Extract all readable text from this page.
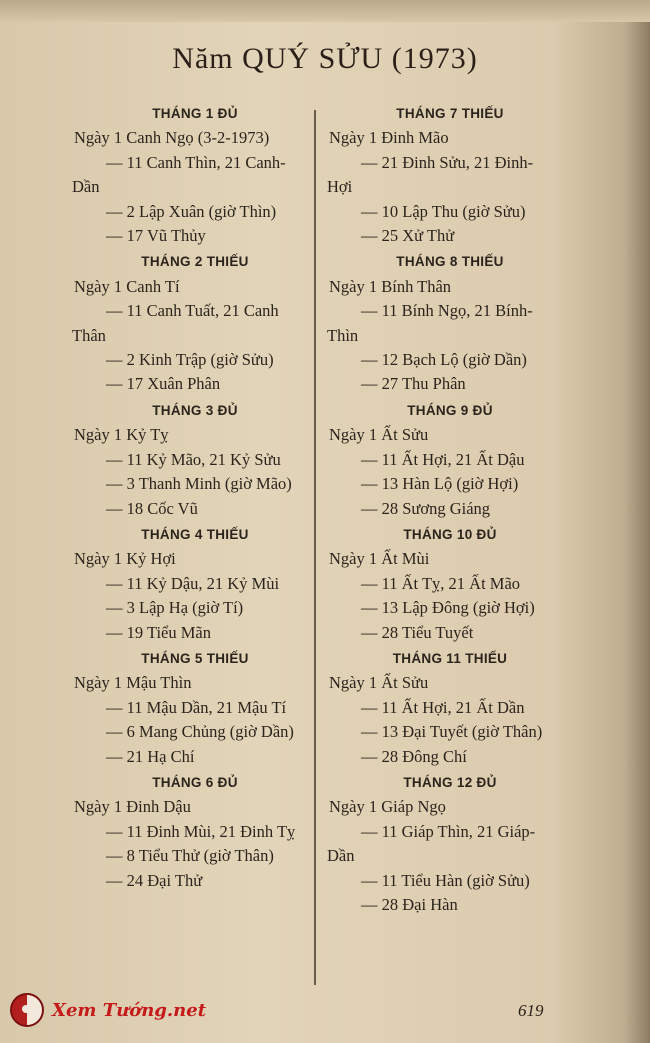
Năm QUÝ SỬU (1973)
THÁNG 1 ĐỦ
Ngày 1 Canh Ngọ (3-2-1973)
— 11 Canh Thìn, 21 Canh-
Dần
— 2 Lập Xuân (giờ Thìn)
— 17 Vũ Thủy
THÁNG 2 THIẾU
Ngày 1 Canh Tí
— 11 Canh Tuất, 21 Canh
Thân
— 2 Kinh Trập (giờ Sửu)
— 17 Xuân Phân
THÁNG 3 ĐỦ
Ngày 1 Kỷ Tỵ
— 11 Kỷ Mão, 21 Kỷ Sửu
— 3 Thanh Minh (giờ Mão)
— 18 Cốc Vũ
THÁNG 4 THIẾU
Ngày 1 Kỷ Hợi
— 11 Kỷ Dậu, 21 Kỷ Mùi
— 3 Lập Hạ (giờ Tí)
— 19 Tiểu Mãn
THÁNG 5 THIẾU
Ngày 1 Mậu Thìn
— 11 Mậu Dần, 21 Mậu Tí
— 6 Mang Chủng (giờ Dần)
— 21 Hạ Chí
THÁNG 6 ĐỦ
Ngày 1 Đinh Dậu
— 11 Đinh Mùi, 21 Đinh Tỵ
— 8 Tiểu Thử (giờ Thân)
— 24 Đại Thử
THÁNG 7 THIẾU
Ngày 1 Đinh Mão
— 21 Đinh Sửu, 21 Đinh-
Hợi
— 10 Lập Thu (giờ Sửu)
— 25 Xử Thử
THÁNG 8 THIẾU
Ngày 1 Bính Thân
— 11 Bính Ngọ, 21 Bính-
Thìn
— 12 Bạch Lộ (giờ Dần)
— 27 Thu Phân
THÁNG 9 ĐỦ
Ngày 1 Ất Sửu
— 11 Ất Hợi, 21 Ất Dậu
— 13 Hàn Lộ (giờ Hợi)
— 28 Sương Giáng
THÁNG 10 ĐỦ
Ngày 1 Ất Mùi
— 11 Ất Tỵ, 21 Ất Mão
— 13 Lập Đông (giờ Hợi)
— 28 Tiểu Tuyết
THÁNG 11 THIẾU
Ngày 1 Ất Sửu
— 11 Ất Hợi, 21 Ất Dần
— 13 Đại Tuyết (giờ Thân)
— 28 Đông Chí
THÁNG 12 ĐỦ
Ngày 1 Giáp Ngọ
— 11 Giáp Thìn, 21 Giáp-
Dần
— 11 Tiểu Hàn (giờ Sửu)
— 28 Đại Hàn
Xem Tướng.net	619
